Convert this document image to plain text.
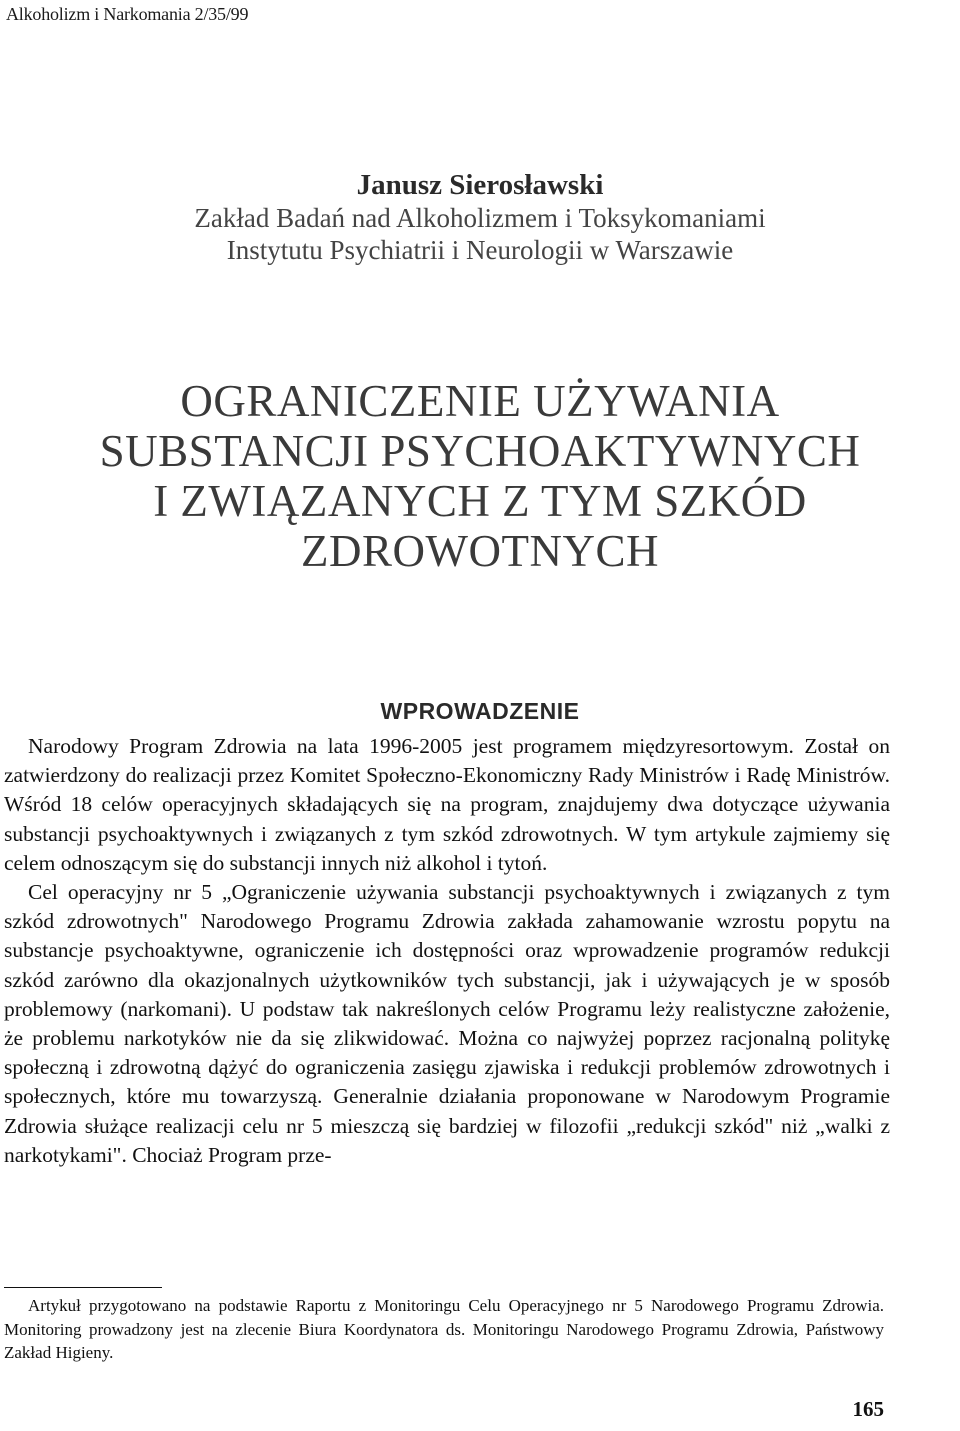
Alkoholizm i Narkomania 2/35/99
Janusz Sierosławski
Zakład Badań nad Alkoholizmem i Toksykomaniami
Instytutu Psychiatrii i Neurologii w Warszawie
OGRANICZENIE UŻYWANIA
SUBSTANCJI PSYCHOAKTYWNYCH
I ZWIĄZANYCH Z TYM SZKÓD
ZDROWOTNYCH
WPROWADZENIE

Narodowy Program Zdrowia na lata 1996-2005 jest programem międzyresortowym. Został on zatwierdzony do realizacji przez Komitet Społeczno-Ekonomiczny Rady Ministrów i Radę Ministrów. Wśród 18 celów operacyjnych składających się na program, znajdujemy dwa dotyczące używania substancji psychoaktywnych i związanych z tym szkód zdrowotnych. W tym artykule zajmiemy się celem odnoszącym się do substancji innych niż alkohol i tytoń.

Cel operacyjny nr 5 „Ograniczenie używania substancji psychoaktywnych i związanych z tym szkód zdrowotnych" Narodowego Programu Zdrowia zakłada zahamowanie wzrostu popytu na substancje psychoaktywne, ograniczenie ich dostępności oraz wprowadzenie programów redukcji szkód zarówno dla okazjonalnych użytkowników tych substancji, jak i używających je w sposób problemowy (narkomani). U podstaw tak nakreślonych celów Programu leży realistyczne założenie, że problemu narkotyków nie da się zlikwidować. Można co najwyżej poprzez racjonalną politykę społeczną i zdrowotną dążyć do ograniczenia zasięgu zjawiska i redukcji problemów zdrowotnych i społecznych, które mu towarzyszą. Generalnie działania proponowane w Narodowym Programie Zdrowia służące realizacji celu nr 5 mieszczą się bardziej w filozofii „redukcji szkód" niż „walki z narkotykami". Chociaż Program prze-

Artykuł przygotowano na podstawie Raportu z Monitoringu Celu Operacyjnego nr 5 Narodowego Programu Zdrowia. Monitoring prowadzony jest na zlecenie Biura Koordynatora ds. Monitoringu Narodowego Programu Zdrowia, Państwowy Zakład Higieny.
165
